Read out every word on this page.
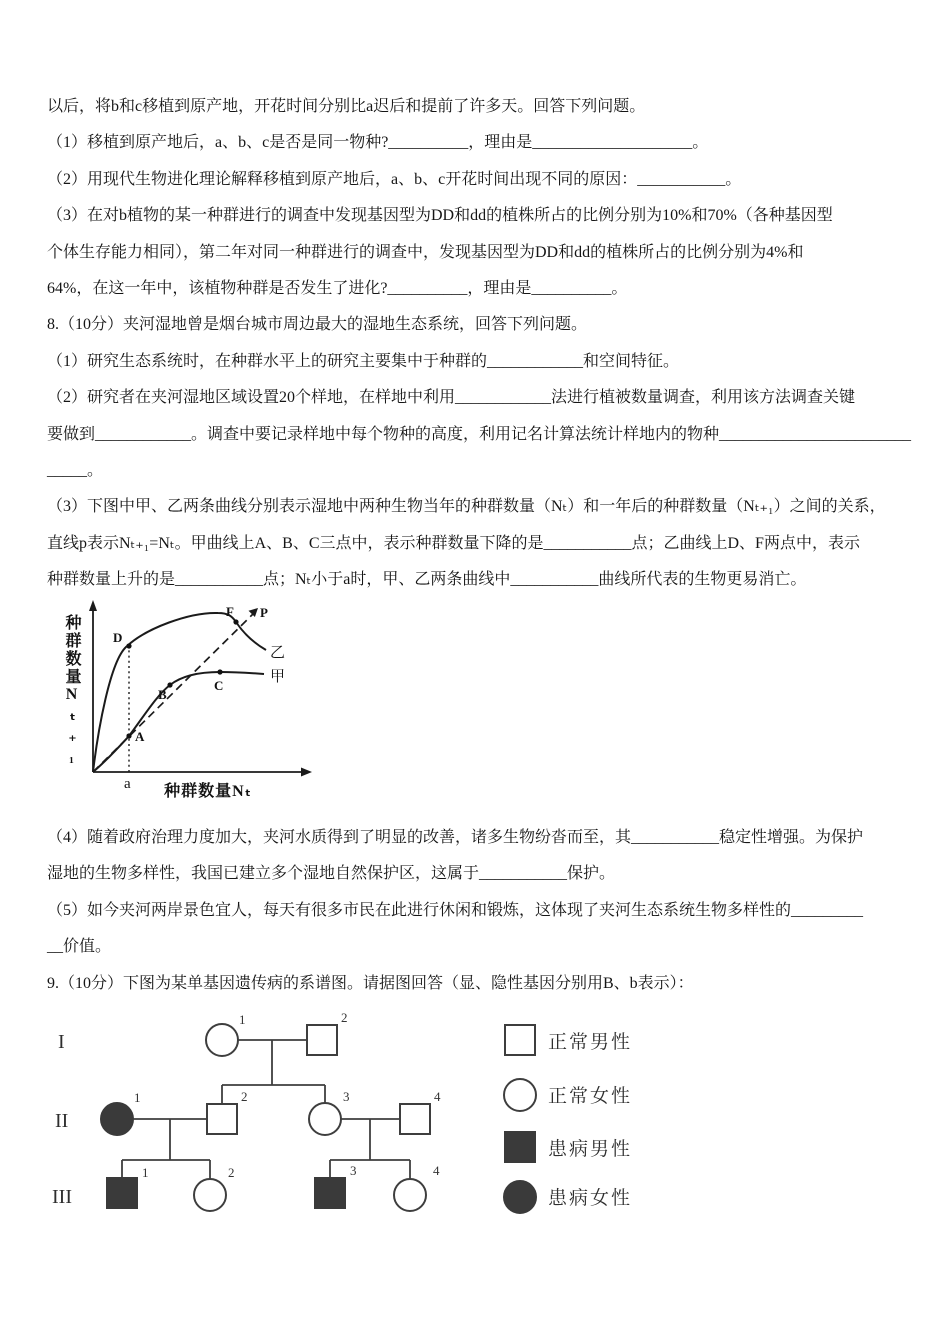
以后，将b和c移植到原产地，开花时间分别比a迟后和提前了许多天。回答下列问题。
（1）移植到原产地后，a、b、c是否是同一物种?__________，理由是____________________。
（2）用现代生物进化理论解释移植到原产地后，a、b、c开花时间出现不同的原因：___________。
（3）在对b植物的某一种群进行的调查中发现基因型为DD和dd的植株所占的比例分别为10%和70%（各种基因型
个体生存能力相同），第二年对同一种群进行的调查中，发现基因型为DD和dd的植株所占的比例分别为4%和
64%，在这一年中，该植物种群是否发生了进化?__________，理由是__________。
8.（10分）夹河湿地曾是烟台城市周边最大的湿地生态系统，回答下列问题。
（1）研究生态系统时，在种群水平上的研究主要集中于种群的____________和空间特征。
（2）研究者在夹河湿地区域设置20个样地，在样地中利用____________法进行植被数量调查，利用该方法调查关键
要做到____________。调查中要记录样地中每个物种的高度，利用记名计算法统计样地内的物种________________________
_____。
（3）下图中甲、乙两条曲线分别表示湿地中两种生物当年的种群数量（Nₜ）和一年后的种群数量（Nₜ₊₁）之间的关系，
直线p表示Nₜ₊₁=Nₜ。甲曲线上A、B、C三点中，表示种群数量下降的是___________点；乙曲线上D、F两点中，表示
种群数量上升的是___________点；Nₜ小于a时，甲、乙两条曲线中___________曲线所代表的生物更易消亡。
种群数量Nₜ₊₁	A
B
C
D
F P
乙
甲
a 种群数量Nₜ
（4）随着政府治理力度加大，夹河水质得到了明显的改善，诸多生物纷沓而至，其___________稳定性增强。为保护
湿地的生物多样性，我国已建立多个湿地自然保护区，这属于___________保护。
（5）如今夹河两岸景色宜人，每天有很多市民在此进行休闲和锻炼，这体现了夹河生态系统生物多样性的_________
__价值。
9.（10分）下图为某单基因遗传病的系谱图。请据图回答（显、隐性基因分别用B、b表示）：
I
II
III
1	2
1	2	3	4
1	2	3	4
正常男性
正常女性
患病男性
患病女性
